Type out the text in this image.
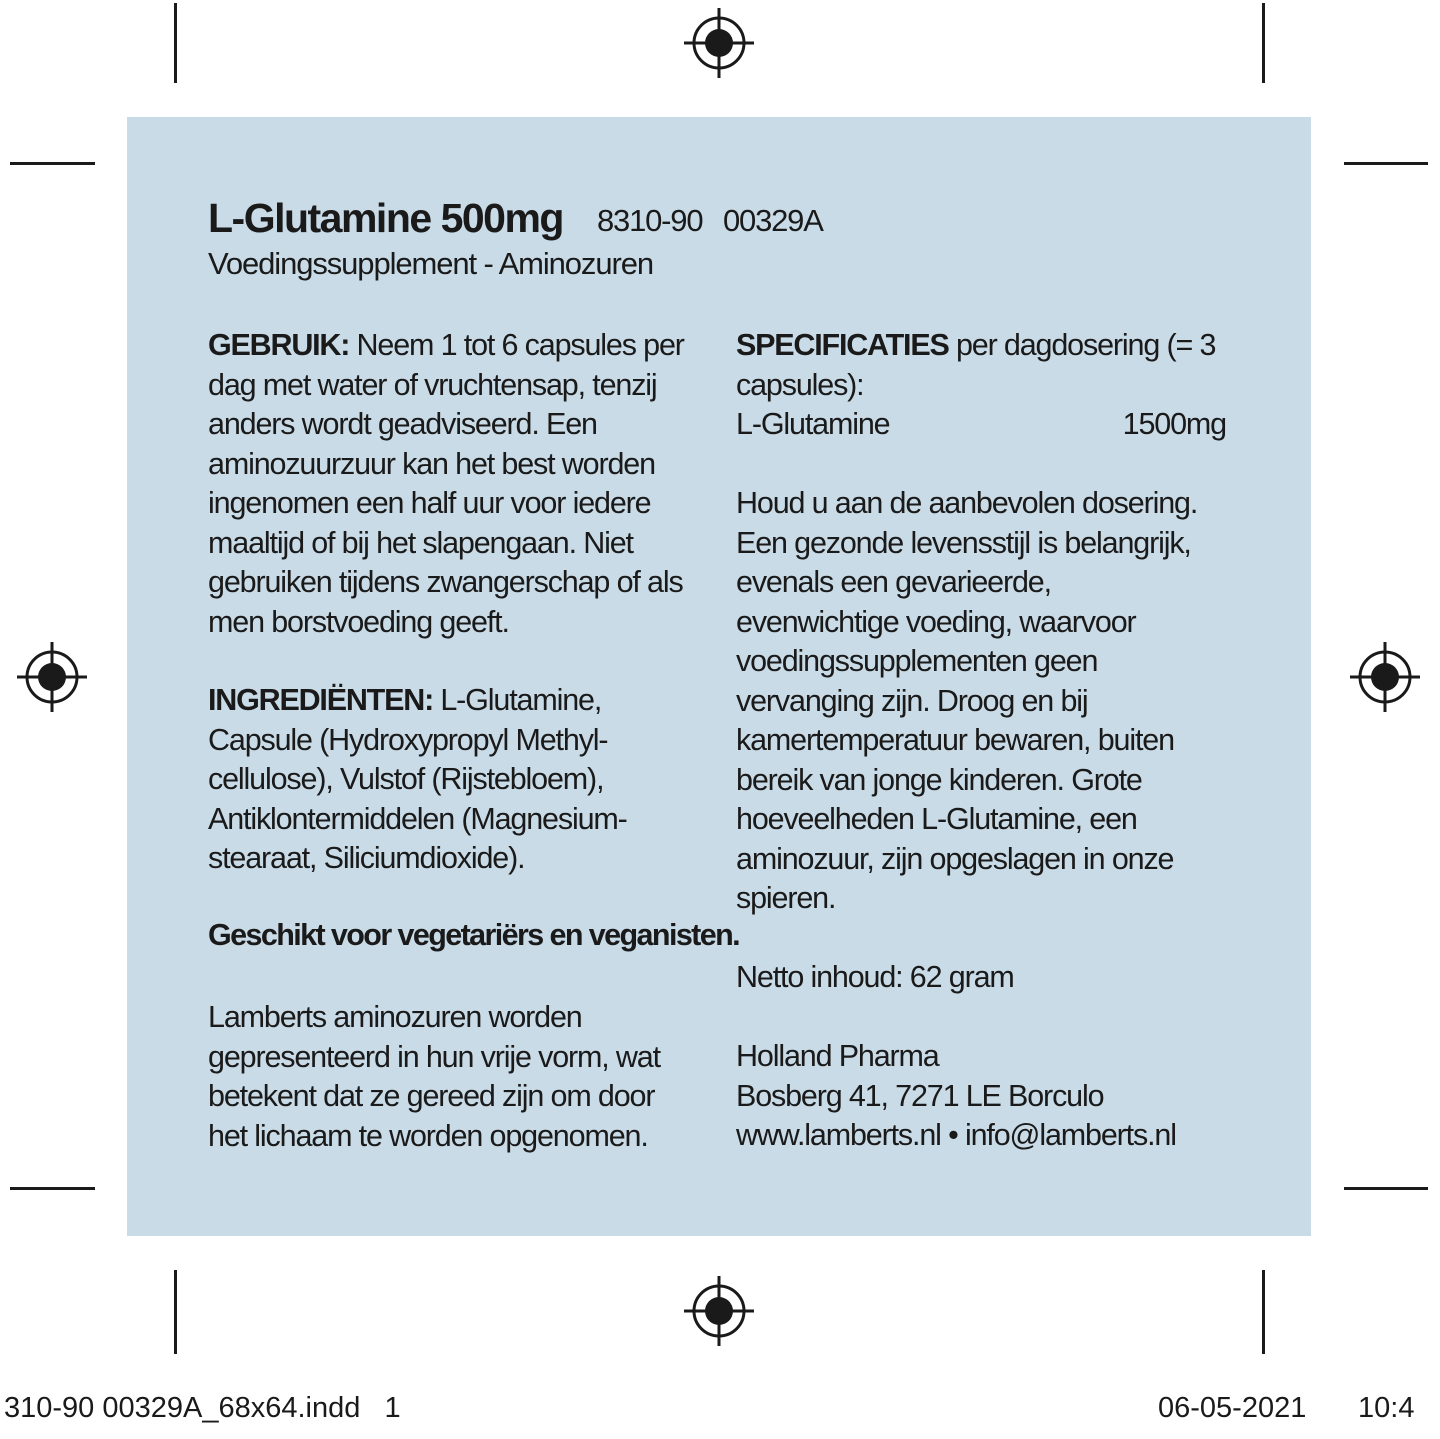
L-Glutamine 500mg 8310-90 00329A
Voedingssupplement - Aminozuren
GEBRUIK: Neem 1 tot 6 capsules per dag met water of vruchtensap, tenzij anders wordt geadviseerd. Een aminozuurzuur kan het best worden ingenomen een half uur voor iedere maaltijd of bij het slapengaan. Niet gebruiken tijdens zwangerschap of als men borstvoeding geeft.
INGREDIËNTEN: L-Glutamine, Capsule (Hydroxypropyl Methyl-cellulose), Vulstof (Rijstebloem), Antiklontermiddelen (Magnesium-stearaat, Siliciumdioxide).
Geschikt voor vegetariërs en veganisten.
Lamberts aminozuren worden gepresenteerd in hun vrije vorm, wat betekent dat ze gereed zijn om door het lichaam te worden opgenomen.
SPECIFICATIES per dagdosering (= 3 capsules):
L-Glutamine	1500mg
Houd u aan de aanbevolen dosering. Een gezonde levensstijl is belangrijk, evenals een gevarieerde, evenwichtige voeding, waarvoor voedingssupplementen geen vervanging zijn. Droog en bij kamertemperatuur bewaren, buiten bereik van jonge kinderen. Grote hoeveelheden L-Glutamine, een aminozuur, zijn opgeslagen in onze spieren.
Netto inhoud: 62 gram
Holland Pharma
Bosberg 41, 7271 LE Borculo
www.lamberts.nl • info@lamberts.nl
310-90 00329A_68x64.indd   1	06-05-2021 10:4
